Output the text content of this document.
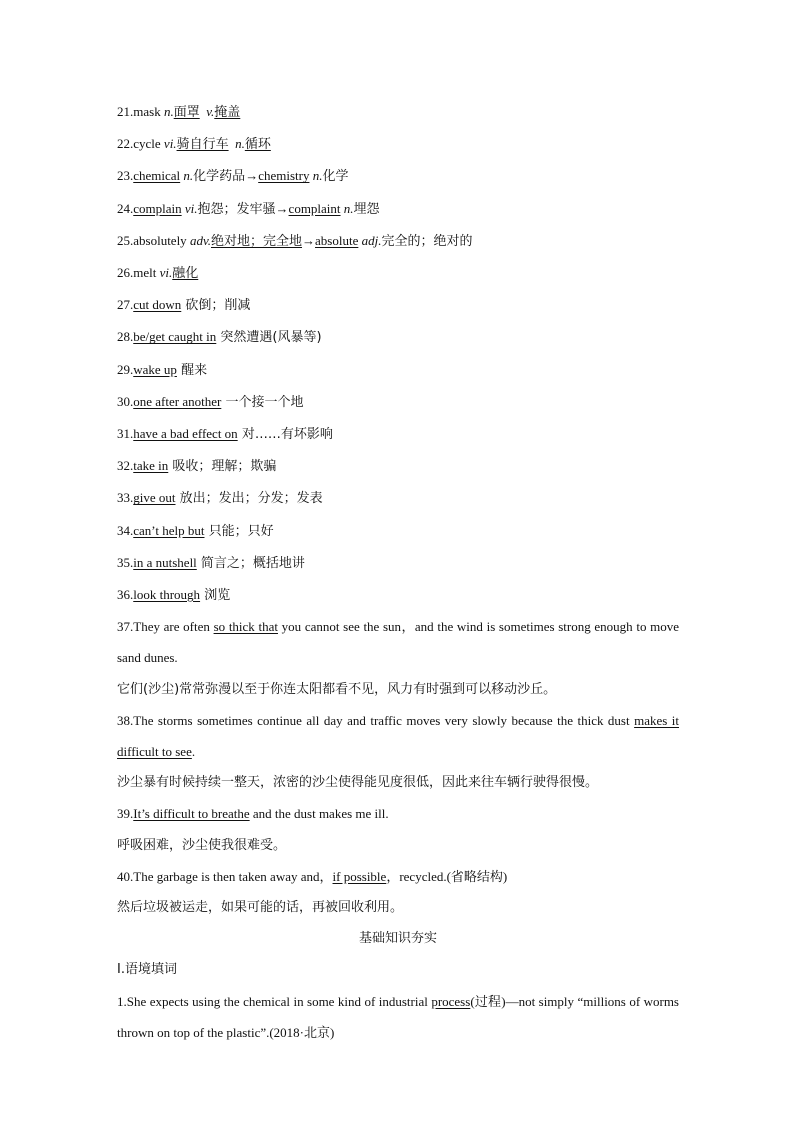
21.mask n.面罩 v.掩盖
22.cycle vi.骑自行车 n.循环
23.chemical n.化学药品→chemistry n.化学
24.complain vi.抱怨；发牢骚→complaint n.埋怨
25.absolutely adv.绝对地；完全地→absolute adj.完全的；绝对的
26.melt vi.融化
27.cut down 砍倒；削减
28.be/get caught in 突然遭遇(风暴等)
29.wake up 醒来
30.one after another 一个接一个地
31.have a bad effect on 对……有坏影响
32.take in 吸收；理解；欺骗
33.give out 放出；发出；分发；发表
34.can’t help but 只能；只好
35.in a nutshell 简言之；概括地讲
36.look through 浏览
37.They are often so thick that you cannot see the sun，and the wind is sometimes strong enough to move sand dunes.
它们(沙尘)常常弥漫以至于你连太阳都看不见，风力有时强到可以移动沙丘。
38.The storms sometimes continue all day and traffic moves very slowly because the thick dust makes it difficult to see.
沙尘暴有时候持续一整天，浓密的沙尘使得能见度很低，因此来往车辆行驶得很慢。
39.It’s difficult to breathe and the dust makes me ill.
呼吸困难，沙尘使我很难受。
40.The garbage is then taken away and，if possible，recycled.(省略结构)
然后垃圾被运走，如果可能的话，再被回收利用。
基础知识夯实
Ⅰ.语境填词
1.She expects using the chemical in some kind of industrial process(过程)—not simply “millions of worms thrown on top of the plastic”.(2018·北京)
